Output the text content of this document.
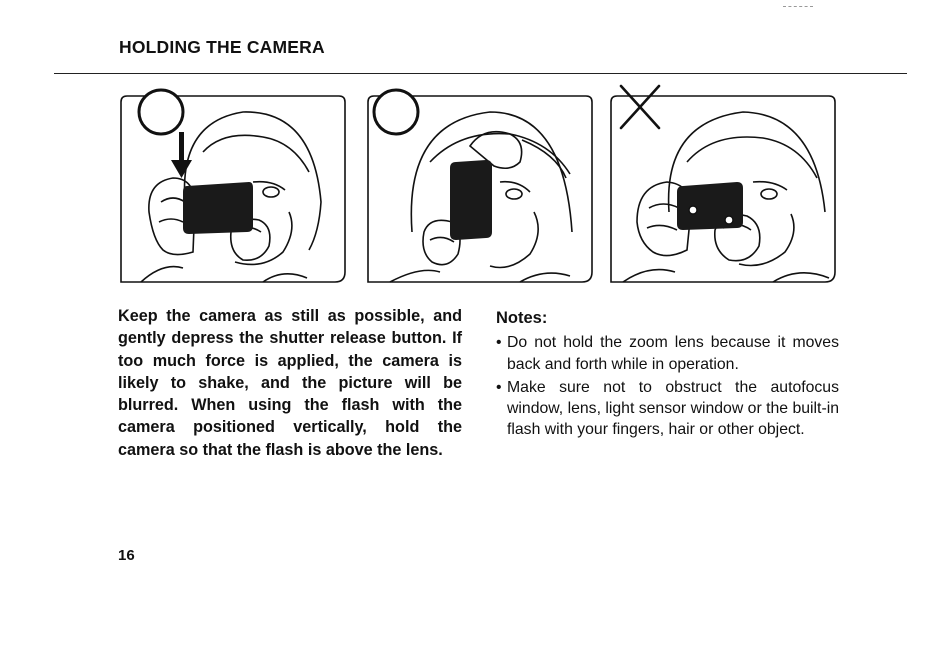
HOLDING THE CAMERA

Keep the camera as still as possible, and gently depress the shutter release button. If too much force is applied, the camera is likely to shake, and the picture will be blurred. When using the flash with the camera positioned vertically, hold the camera so that the flash is above the lens.

Notes:
• Do not hold the zoom lens because it moves back and forth while in operation.
• Make sure not to obstruct the autofocus window, lens, light sensor window or the built-in flash with your fingers, hair or other object.
16
